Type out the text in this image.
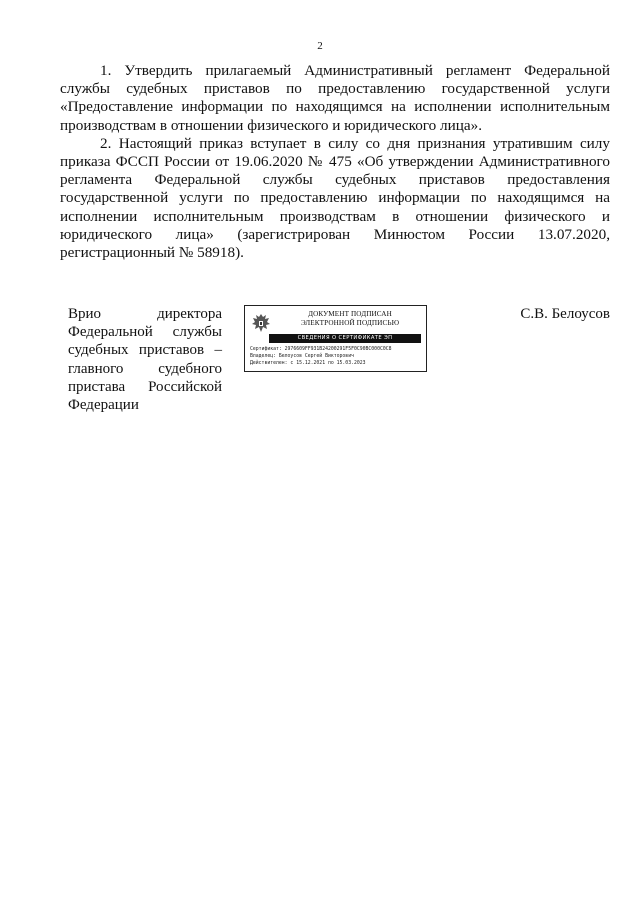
2

1. Утвердить прилагаемый Административный регламент Федеральной службы судебных приставов по предоставлению государственной услуги «Предоставление информации по находящимся на исполнении исполнительным производствам в отношении физического и юридического лица».

2. Настоящий приказ вступает в силу со дня признания утратившим силу приказа ФССП России от 19.06.2020 № 475 «Об утверждении Административного регламента Федеральной службы судебных приставов предоставления государственной услуги по предоставлению информации по находящимся на исполнении исполнительным производствам в отношении физического и юридического лица» (зарегистрирован Минюстом России 13.07.2020, регистрационный № 58918).

Врио директора Федеральной службы судебных приставов – главного судебного пристава Российской Федерации
ДОКУМЕНТ ПОДПИСАН
ЭЛЕКТРОННОЙ ПОДПИСЬЮ
СВЕДЕНИЯ О СЕРТИФИКАТЕ ЭП
Сертификат: 2976609FF931B24200291F5F0C90BC000C0C8
Владелец: Белоусов Сергей Викторович
Действителен: с 15.12.2021 по 15.03.2023
С.В. Белоусов
